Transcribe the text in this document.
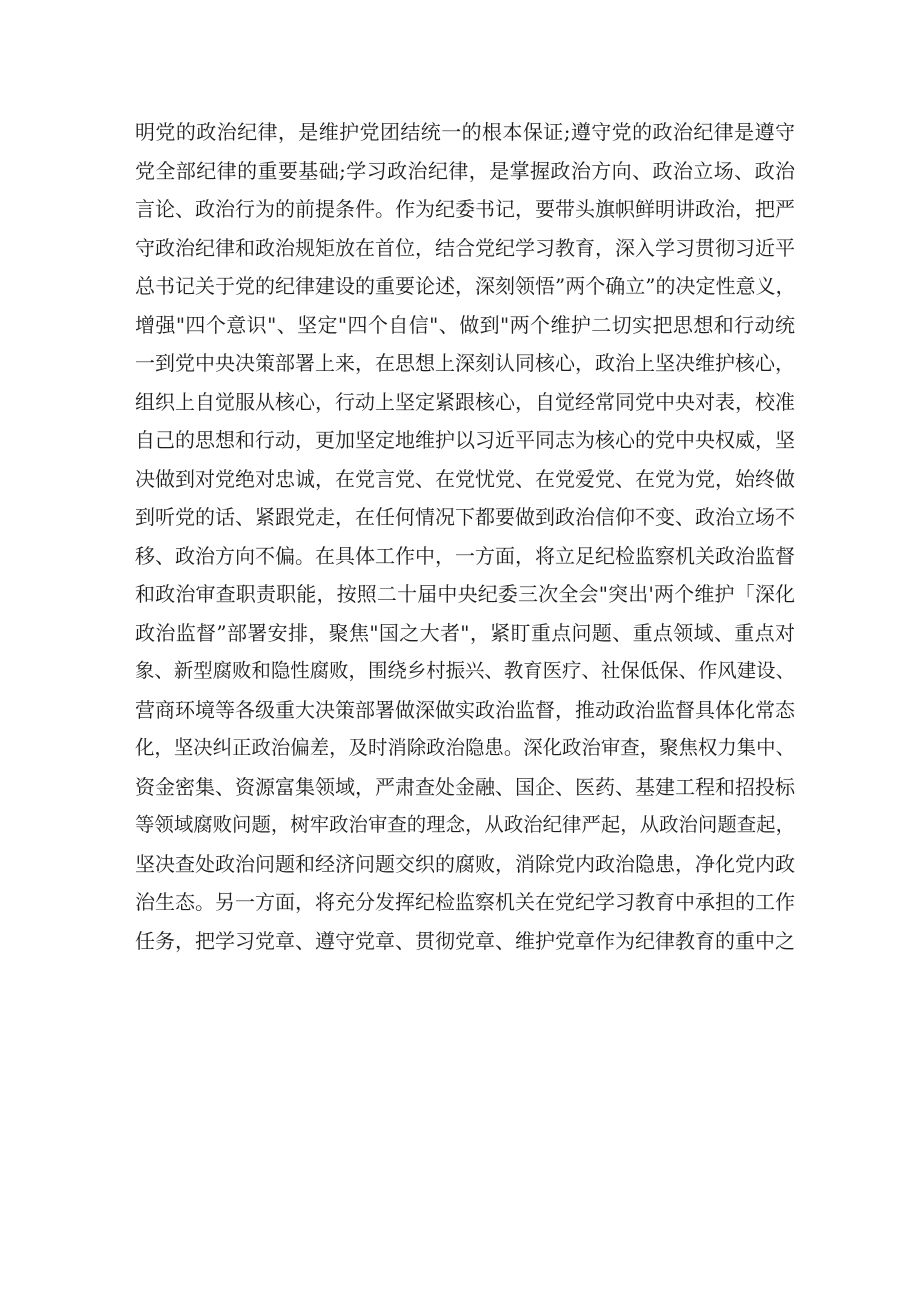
明党的政治纪律，是维护党团结统一的根本保证;遵守党的政治纪律是遵守
党全部纪律的重要基础;学习政治纪律，是掌握政治方向、政治立场、政治
言论、政治行为的前提条件。作为纪委书记，要带头旗帜鲜明讲政治，把严
守政治纪律和政治规矩放在首位，结合党纪学习教育，深入学习贯彻习近平
总书记关于党的纪律建设的重要论述，深刻领悟”两个确立”的决定性意义，
增强"四个意识"、坚定"四个自信"、做到"两个维护二切实把思想和行动统
一到党中央决策部署上来，在思想上深刻认同核心，政治上坚决维护核心，
组织上自觉服从核心，行动上坚定紧跟核心，自觉经常同党中央对表，校准
自己的思想和行动，更加坚定地维护以习近平同志为核心的党中央权威，坚
决做到对党绝对忠诚，在党言党、在党忧党、在党爱党、在党为党，始终做
到听党的话、紧跟党走，在任何情况下都要做到政治信仰不变、政治立场不
移、政治方向不偏。在具体工作中，一方面，将立足纪检监察机关政治监督
和政治审查职责职能，按照二十届中央纪委三次全会"突出'两个维护「深化
政治监督”部署安排，聚焦"国之大者"，紧盯重点问题、重点领域、重点对
象、新型腐败和隐性腐败，围绕乡村振兴、教育医疗、社保低保、作风建设、
营商环境等各级重大决策部署做深做实政治监督，推动政治监督具体化常态
化，坚决纠正政治偏差，及时消除政治隐患。深化政治审查，聚焦权力集中、
资金密集、资源富集领域，严肃查处金融、国企、医药、基建工程和招投标
等领域腐败问题，树牢政治审查的理念，从政治纪律严起，从政治问题查起，
坚决查处政治问题和经济问题交织的腐败，消除党内政治隐患，净化党内政
治生态。另一方面，将充分发挥纪检监察机关在党纪学习教育中承担的工作
任务，把学习党章、遵守党章、贯彻党章、维护党章作为纪律教育的重中之
